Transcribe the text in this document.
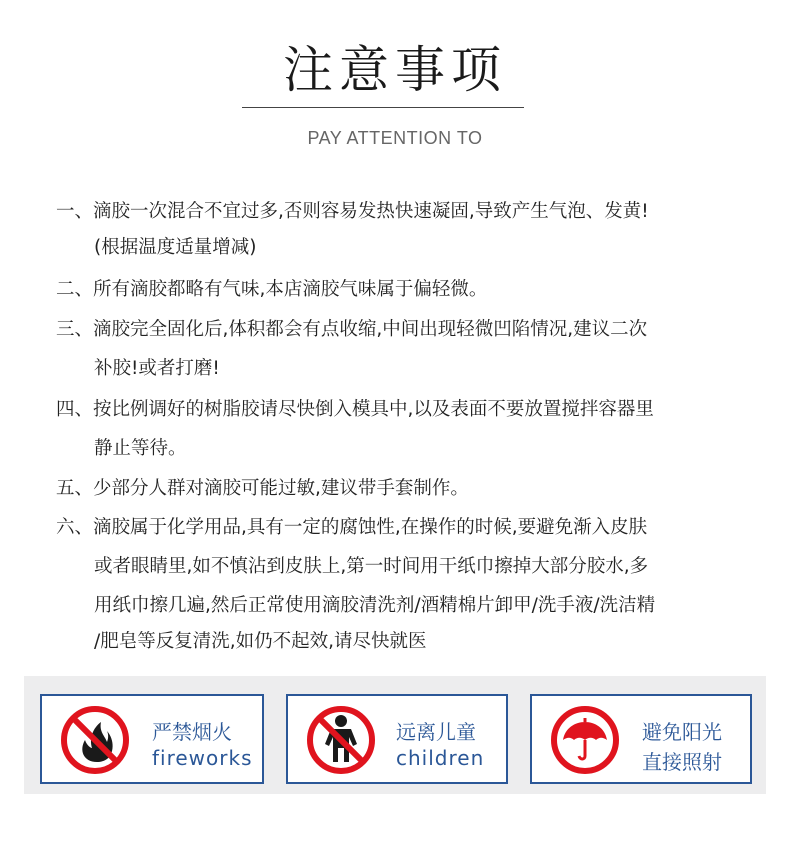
注意事项
PAY ATTENTION TO
一、滴胶一次混合不宜过多,否则容易发热快速凝固,导致产生气泡、发黄!
(根据温度适量增减)
二、所有滴胶都略有气味,本店滴胶气味属于偏轻微。
三、滴胶完全固化后,体积都会有点收缩,中间出现轻微凹陷情况,建议二次
补胶!或者打磨!
四、按比例调好的树脂胶请尽快倒入模具中,以及表面不要放置搅拌容器里
静止等待。
五、少部分人群对滴胶可能过敏,建议带手套制作。
六、滴胶属于化学用品,具有一定的腐蚀性,在操作的时候,要避免渐入皮肤
或者眼睛里,如不慎沾到皮肤上,第一时间用干纸巾擦掉大部分胶水,多
用纸巾擦几遍,然后正常使用滴胶清洗剂/酒精棉片卸甲/洗手液/洗洁精
/肥皂等反复清洗,如仍不起效,请尽快就医
严禁烟火
fireworks
远离儿童
children
避免阳光
直接照射
